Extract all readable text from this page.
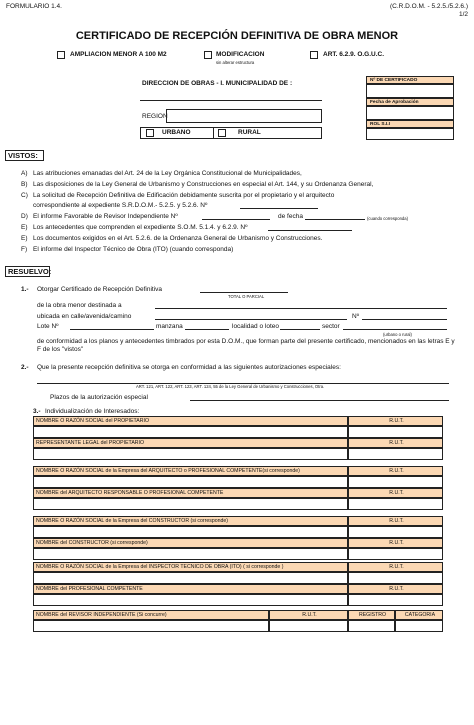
FORMULARIO 1.4.	(C.R.D.O.M. - 5.2.5./5.2.6.)
1/2
CERTIFICADO DE RECEPCIÓN DEFINITIVA DE OBRA MENOR
AMPLIACION MENOR A 100 M2	MODIFICACION
sin alterar estructura
ART. 6.2.9. O.G.U.C.
DIRECCION DE OBRAS - I. MUNICIPALIDAD DE :	Nº DE CERTIFICADO
Fecha de Aprobación
ROL S.I.I
REGION
URBANO	RURAL
VISTOS:
A) Las atribuciones emanadas del Art. 24 de la Ley Orgánica Constitucional de Municipalidades,
B) Las disposiciones de la Ley General de Urbanismo y Construcciones en especial el Art. 144, y su Ordenanza General,
C) La solicitud de Recepción Definitiva de Edificación debidamente suscrita por el propietario y el arquitecto
correspondiente al expediente S.R.D.O.M.- 5.2.5. y 5.2.6. Nº
D) El informe Favorable de Revisor Independiente Nº	de fecha	(cuando corresponda)
E) Los antecedentes que comprenden el expediente S.O.M. 5.1.4. y 6.2.9. Nº
E) Los documentos exigidos en el Art. 5.2.6. de la Ordenanza General de Urbanismo y Construcciones.
F) El informe del Inspector Técnico de Obra (ITO) (cuando corresponda)
RESUELVO:
1.- Otorgar Certificado de Recepción Definitiva
TOTAL O PARCIAL
de la obra menor destinada a
ubicada en calle/avenida/camino	Nº
Lote Nº	manzana	localidad o loteo	sector
(urbano o rural)
de conformidad a los planos y antecedentes timbrados por esta D.O.M., que forman parte del presente certificado, mencionados en las letras E y F de los "vistos"
2.- Que la presente recepción definitiva se otorga en conformidad a las siguientes autorizaciones especiales:
ART. 121, ART. 122, ART. 123, ART. 124, 55 de la Ley General de Urbanismo y Construcciones, Otra.
Plazos de la autorización especial
3.- Individualización de Interesados:
NOMBRE O RAZÓN SOCIAL del PROPIETARIO	R.U.T.
REPRESENTANTE LEGAL del PROPIETARIO	R.U.T.
NOMBRE O RAZÓN SOCIAL de la Empresa del ARQUITECTO o PROFESIONAL COMPETENTE(si corresponde)	R.U.T.
NOMBRE del ARQUITECTO RESPONSABLE O PROFESIONAL COMPETENTE	R.U.T.
NOMBRE O RAZÓN SOCIAL de la Empresa del CONSTRUCTOR (si corresponde)	R.U.T.
NOMBRE del CONSTRUCTOR (si corresponde)	R.U.T.
NOMBRE O RAZÓN SOCIAL de la Empresa del INSPECTOR TECNICO DE OBRA (ITO) ( si corresponde )	R.U.T.
NOMBRE del PROFESIONAL COMPETENTE	R.U.T.
NOMBRE del REVISOR INDEPENDIENTE (Si concurre)	R.U.T.	REGISTRO	CATEGORIA
